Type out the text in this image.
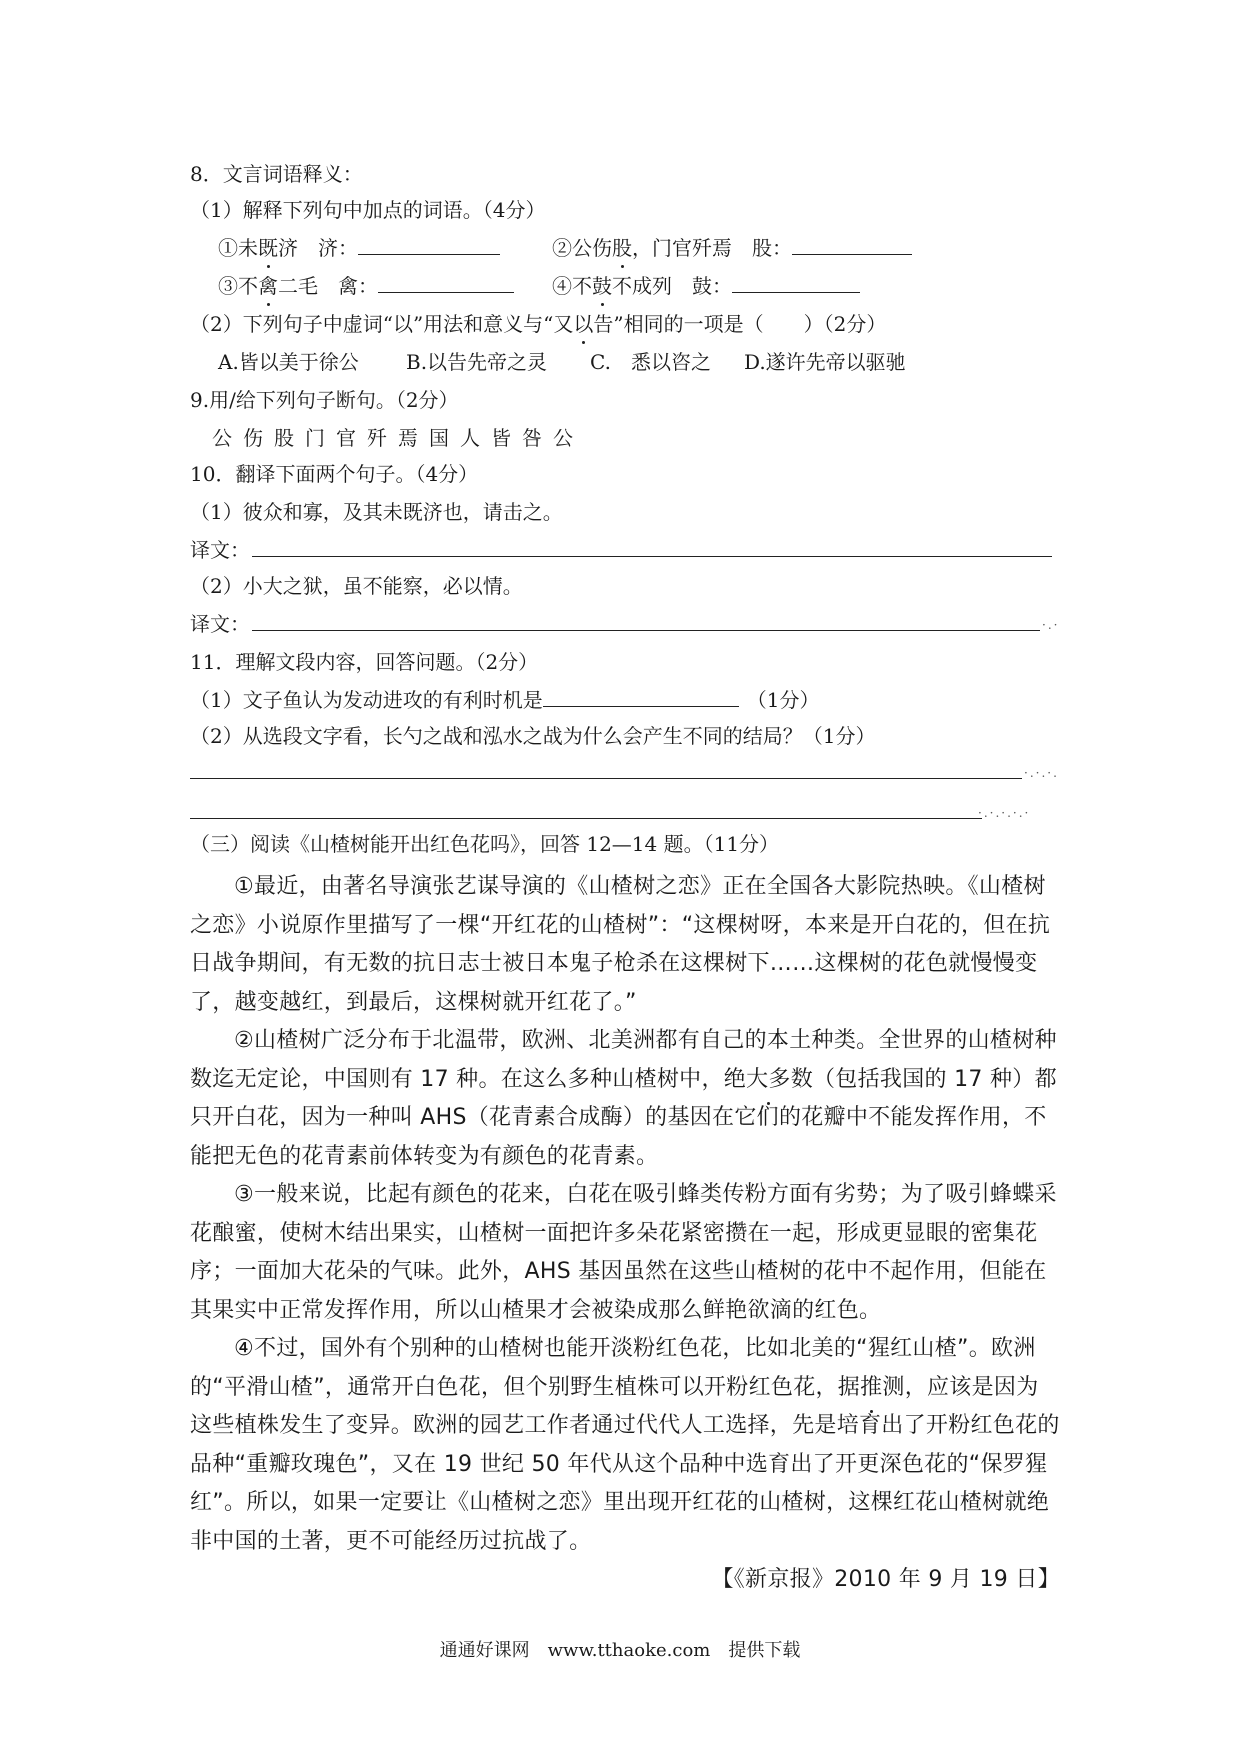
8．文言词语释义：
（1）解释下列句中加点的词语。（4分）
①未既济　济：	②公伤股，门官歼焉　股：
③不禽二毛　禽：	④不鼓不成列　鼓：
（2）下列句子中虚词“以”用法和意义与“又以告”相同的一项是（　　）（2分）
A.皆以美于徐公 B.以告先帝之灵 C.　悉以咨之 D.遂许先帝以驱驰
9.用/给下列句子断句。（2分）
公伤股门官歼焉国人皆咎公
10．翻译下面两个句子。（4分）
（1）彼众和寡，及其未既济也，请击之。
译文：
（2）小大之狱，虽不能察，必以情。
译文：	·.·
11．理解文段内容，回答问题。（2分）
（1）文子鱼认为发动进攻的有利时机是	（1分）
（2）从选段文字看，长勺之战和泓水之战为什么会产生不同的结局？（1分）
·.·.·.
·.·.·.·.·
（三）阅读《山楂树能开出红色花吗》，回答 12—14 题。（11分）
①最近，由著名导演张艺谋导演的《山楂树之恋》正在全国各大影院热映。《山楂树之恋》小说原作里描写了一棵“开红花的山楂树”：“这棵树呀，本来是开白花的，但在抗日战争期间，有无数的抗日志士被日本鬼子枪杀在这棵树下……这棵树的花色就慢慢变了，越变越红，到最后，这棵树就开红花了。”
②山楂树广泛分布于北温带，欧洲、北美洲都有自己的本土种类。全世界的山楂树种数迄无定论，中国则有 17 种。在这么多种山楂树中，绝大多数（包括我国的 17 种）都只开白花，因为一种叫 AHS（花青素合成酶）的基因在它们的花瓣中不能发挥作用，不能把无色的花青素前体转变为有颜色的花青素。
③一般来说，比起有颜色的花来，白花在吸引蜂类传粉方面有劣势；为了吸引蜂蝶采花酿蜜，使树木结出果实，山楂树一面把许多朵花紧密攒在一起，形成更显眼的密集花序；一面加大花朵的气味。此外，AHS 基因虽然在这些山楂树的花中不起作用，但能在其果实中正常发挥作用，所以山楂果才会被染成那么鲜艳欲滴的红色。
④不过，国外有个别种的山楂树也能开淡粉红色花，比如北美的“猩红山楂”。欧洲的“平滑山楂”，通常开白色花，但个别野生植株可以开粉红色花，据推测，应该是因为这些植株发生了变异。欧洲的园艺工作者通过代代人工选择，先是培育出了开粉红色花的品种“重瓣玫瑰色”，又在 19 世纪 50 年代从这个品种中选育出了开更深色花的“保罗猩红”。所以，如果一定要让《山楂树之恋》里出现开红花的山楂树，这棵红花山楂树就绝非中国的土著，更不可能经历过抗战了。
【《新京报》2010 年 9 月 19 日】
通通好课网　www.tthaoke.com　提供下载
